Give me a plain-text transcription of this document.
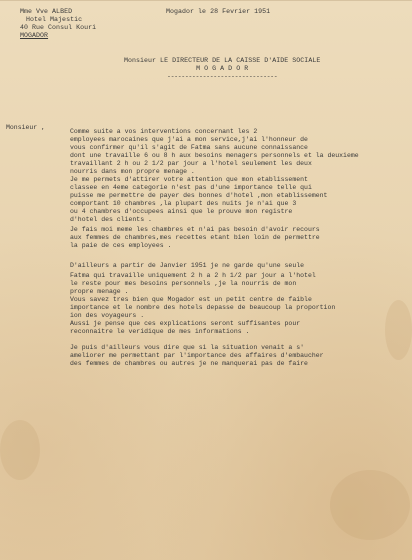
Mme Vve ALBED
Hotel Majestic
40 Rue Consul Kouri
MOGADOR
Mogador le 28 Fevrier 1951
Monsieur LE DIRECTEUR DE LA CAISSE D'AIDE SOCIALE
M O G A D O R
-------------------------------
Monsieur ,
Comme suite a vos interventions concernant les 2
employees marocaines que j'ai a mon service,j'ai l'honneur de
vous confirmer qu'il s'agit de Fatma sans aucune connaissance
dont une travaille 6 ou 8 h aux besoins menagers personnels et la deuxieme
travaillant 2 h ou 2 1/2 par jour a l'hotel seulement les deux
nourris dans mon propre menage .
Je me permets d'attirer votre attention que mon etablissement
classee en 4eme categorie n'est pas d'une importance telle qui
puisse me permettre de payer des bonnes d'hotel ,mon etablissement
comportant 10 chambres ,la plupart des nuits je n'ai que 3
ou 4 chambres d'occupees ainsi que le prouve mon registre
d'hotel des clients .
Je fais moi meme les chambres et n'ai pas besoin d'avoir recours
aux femmes de chambres,mes recettes etant bien loin de permettre
la paie de ces employees .
D'ailleurs a partir de Janvier 1951 je ne garde qu'une seule
Fatma qui travaille uniquement 2 h a 2 h 1/2 par jour a l'hotel
le reste pour mes besoins personnels ,je la nourris de mon
propre menage .
Vous savez tres bien que Mogador est un petit centre de faible
importance et le nombre des hotels depasse de beaucoup la proportion
ion des voyageurs .
Aussi je pense que ces explications seront suffisantes pour
reconnaitre le veridique de mes informations .
Je puis d'ailleurs vous dire que si la situation venait a s'
ameliorer me permettant par l'importance des affaires d'embaucher
des femmes de chambres ou autres je ne manquerai pas de faire
